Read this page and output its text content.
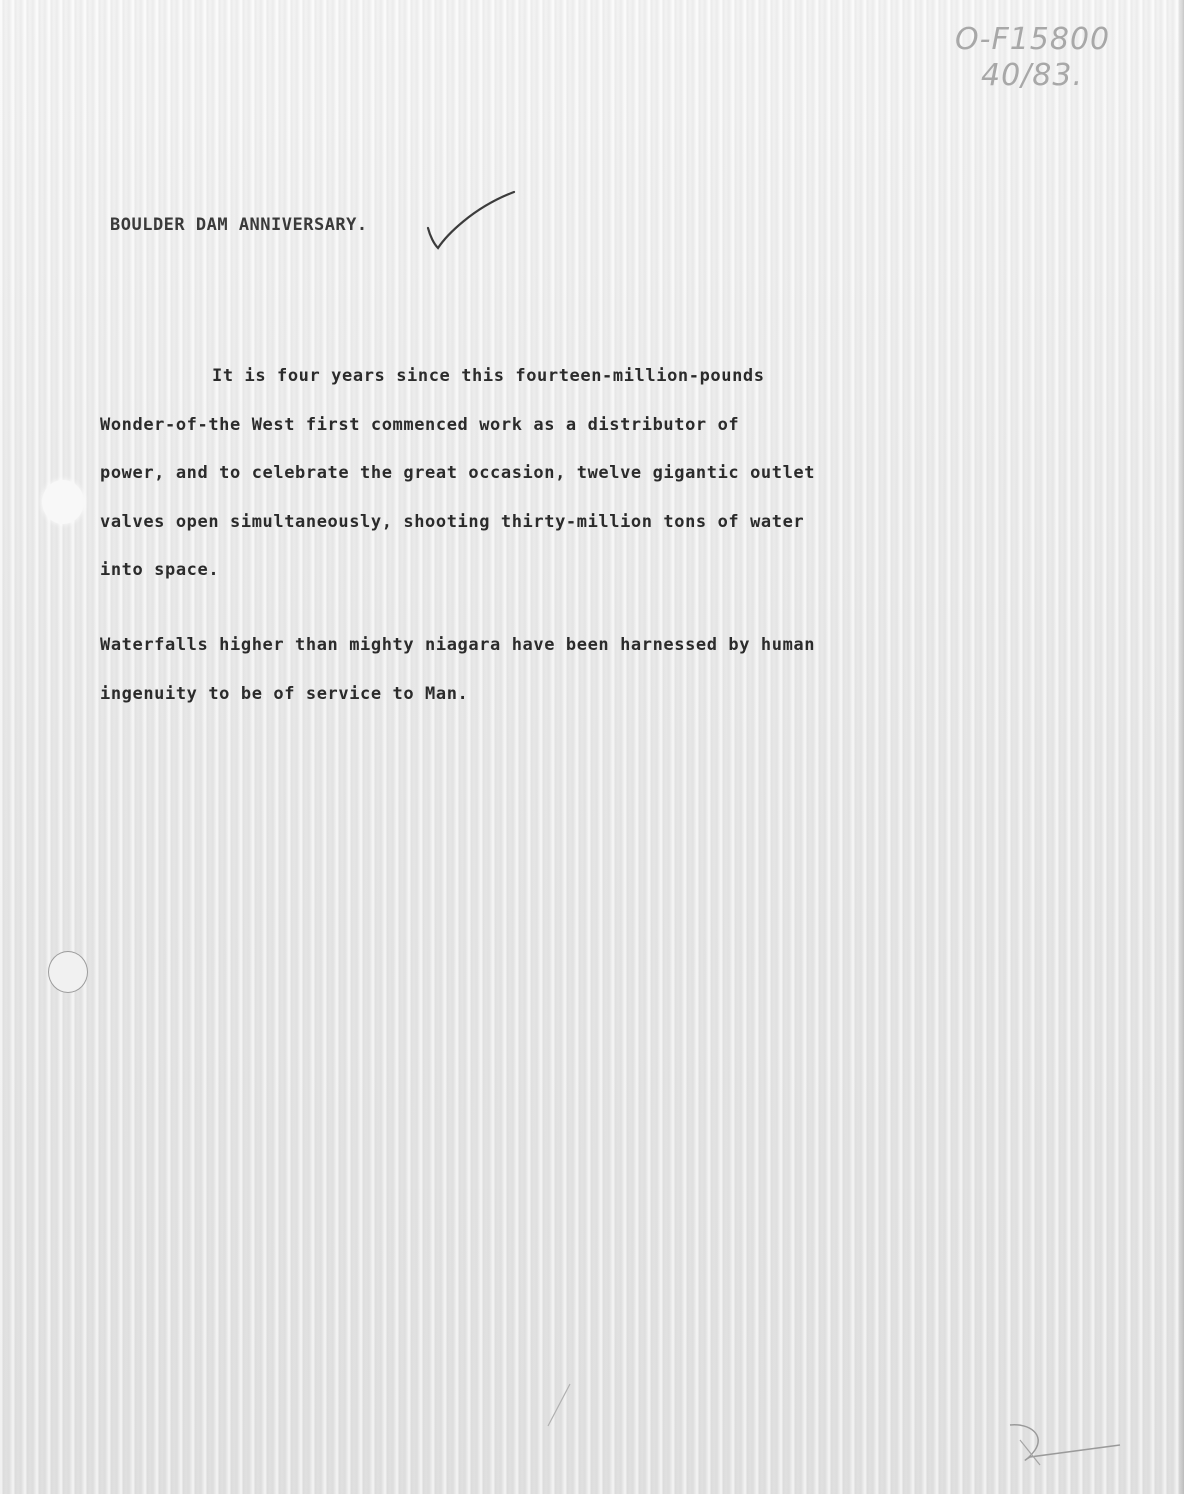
O-F15800
40/83.
BOULDER DAM ANNIVERSARY.
It is four years since this fourteen-million-pounds
Wonder-of-the West first commenced work as a distributor of
power, and to celebrate the great occasion, twelve gigantic outlet
valves open simultaneously, shooting thirty-million tons of water
into space.
Waterfalls higher than mighty niagara have been harnessed by human
ingenuity to be of service to Man.
